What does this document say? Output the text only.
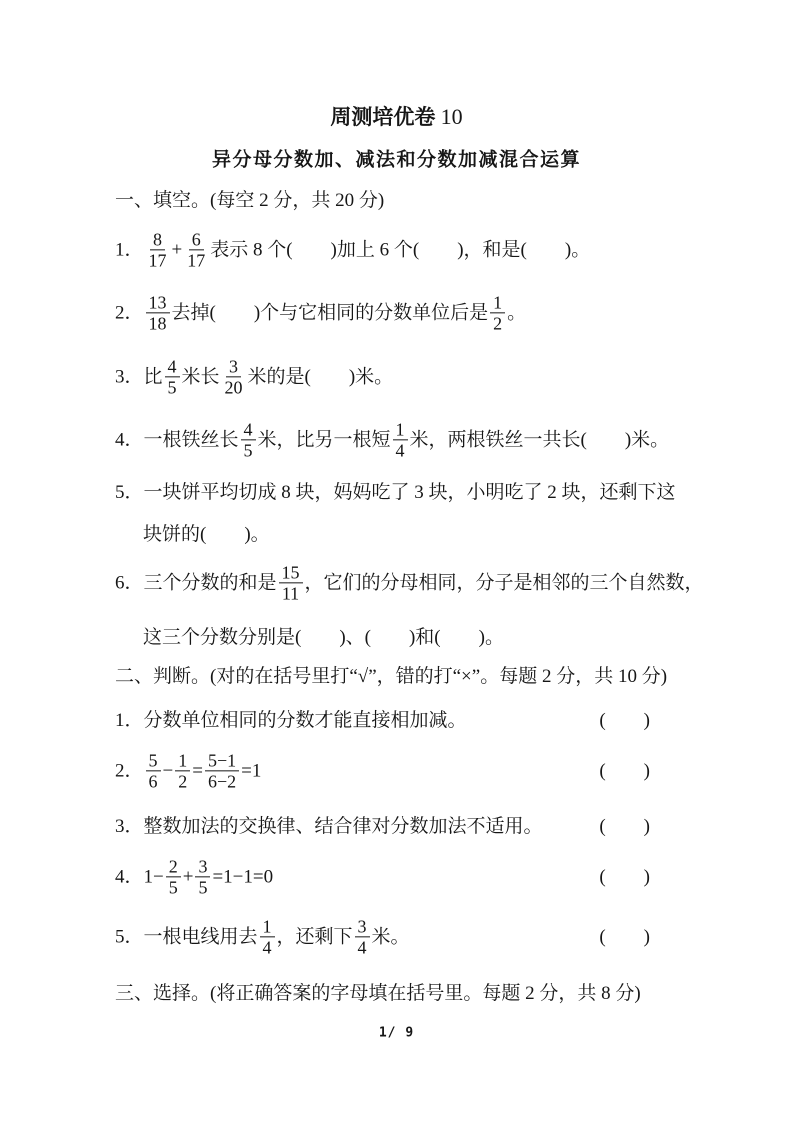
周测培优卷 10
异分母分数加、减法和分数加减混合运算
一、填空。(每空 2 分，共 20 分)
1． $\frac{8}{17} + \frac{6}{17}$ 表示 8 个(　　)加上 6 个(　　)，和是(　　)。
2． $\frac{13}{18}$ 去掉(　　)个与它相同的分数单位后是 $\frac{1}{2}$ 。
3．比 $\frac{4}{5}$ 米长 $\frac{3}{20}$ 米的是(　　)米。
4．一根铁丝长 $\frac{4}{5}$ 米，比另一根短 $\frac{1}{4}$ 米，两根铁丝一共长(　　)米。
5．一块饼平均切成 8 块，妈妈吃了 3 块，小明吃了 2 块，还剩下这
块饼的(　　)。
6．三个分数的和是 $\frac{15}{11}$ ，它们的分母相同，分子是相邻的三个自然数，
这三个分数分别是(　　)、(　　)和(　　)。
二、判断。(对的在括号里打“√”，错的打“×”。每题 2 分，共 10 分)
1．分数单位相同的分数才能直接相加减。	(　　)
2． $\frac{5}{6} - \frac{1}{2} = \frac{5-1}{6-2} =1$	(　　)
3．整数加法的交换律、结合律对分数加法不适用。	(　　)
4．$1- \frac{2}{5} + \frac{3}{5} =1-1=0$	(　　)
5．一根电线用去 $\frac{1}{4}$ ，还剩下 $\frac{3}{4}$ 米。	(　　)
三、选择。(将正确答案的字母填在括号里。每题 2 分，共 8 分)
1/ 9
